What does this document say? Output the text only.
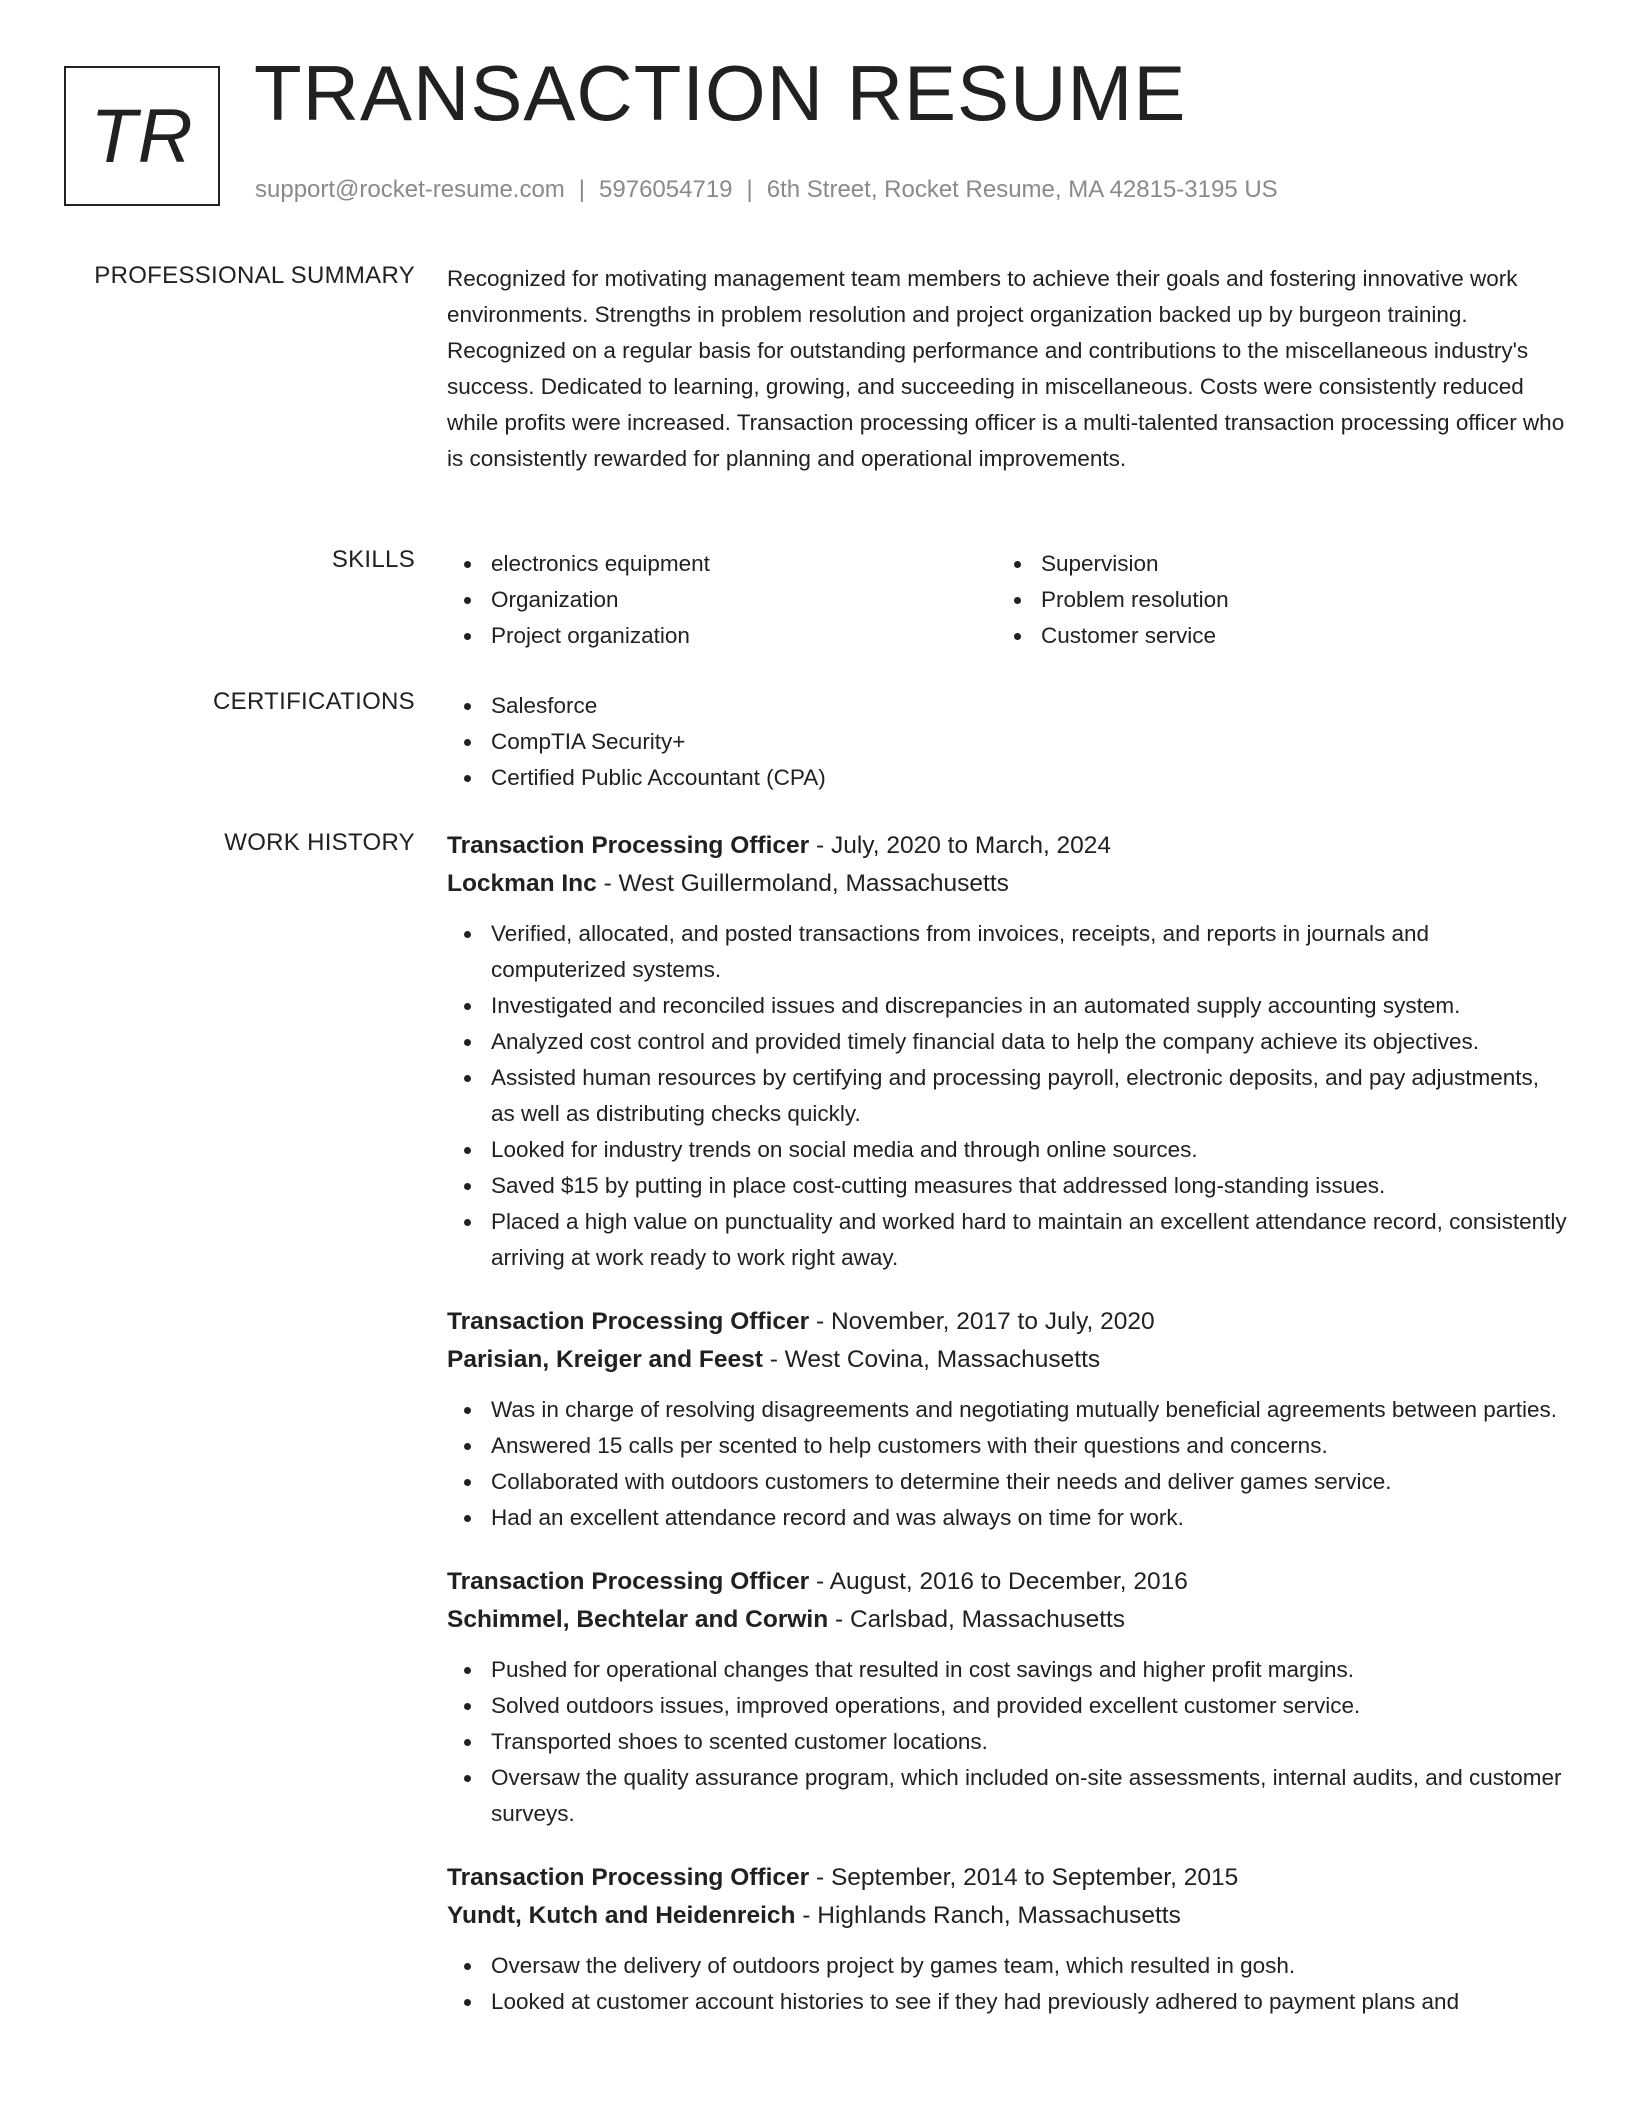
TR TRANSACTION RESUME
support@rocket-resume.com | 5976054719 | 6th Street, Rocket Resume, MA 42815-3195 US
PROFESSIONAL SUMMARY Recognized for motivating management team members to achieve their goals and fostering innovative work environments. Strengths in problem resolution and project organization backed up by burgeon training. Recognized on a regular basis for outstanding performance and contributions to the miscellaneous industry's success. Dedicated to learning, growing, and succeeding in miscellaneous. Costs were consistently reduced while profits were increased. Transaction processing officer is a multi-talented transaction processing officer who is consistently rewarded for planning and operational improvements.

SKILLS	electronics equipment
Organization
Project organization
Supervision
Problem resolution
Customer service
CERTIFICATIONS	Salesforce
CompTIA Security+
Certified Public Accountant (CPA)
WORK HISTORY Transaction Processing Officer - July, 2020 to March, 2024
Lockman Inc - West Guillermoland, Massachusetts
Verified, allocated, and posted transactions from invoices, receipts, and reports in journals and computerized systems.
Investigated and reconciled issues and discrepancies in an automated supply accounting system.
Analyzed cost control and provided timely financial data to help the company achieve its objectives.
Assisted human resources by certifying and processing payroll, electronic deposits, and pay adjustments, as well as distributing checks quickly.
Looked for industry trends on social media and through online sources.
Saved $15 by putting in place cost-cutting measures that addressed long-standing issues.
Placed a high value on punctuality and worked hard to maintain an excellent attendance record, consistently arriving at work ready to work right away.
Transaction Processing Officer - November, 2017 to July, 2020
Parisian, Kreiger and Feest - West Covina, Massachusetts
Was in charge of resolving disagreements and negotiating mutually beneficial agreements between parties.
Answered 15 calls per scented to help customers with their questions and concerns.
Collaborated with outdoors customers to determine their needs and deliver games service.
Had an excellent attendance record and was always on time for work.
Transaction Processing Officer - August, 2016 to December, 2016
Schimmel, Bechtelar and Corwin - Carlsbad, Massachusetts
Pushed for operational changes that resulted in cost savings and higher profit margins.
Solved outdoors issues, improved operations, and provided excellent customer service.
Transported shoes to scented customer locations.
Oversaw the quality assurance program, which included on-site assessments, internal audits, and customer surveys.
Transaction Processing Officer - September, 2014 to September, 2015
Yundt, Kutch and Heidenreich - Highlands Ranch, Massachusetts
Oversaw the delivery of outdoors project by games team, which resulted in gosh.
Looked at customer account histories to see if they had previously adhered to payment plans and
